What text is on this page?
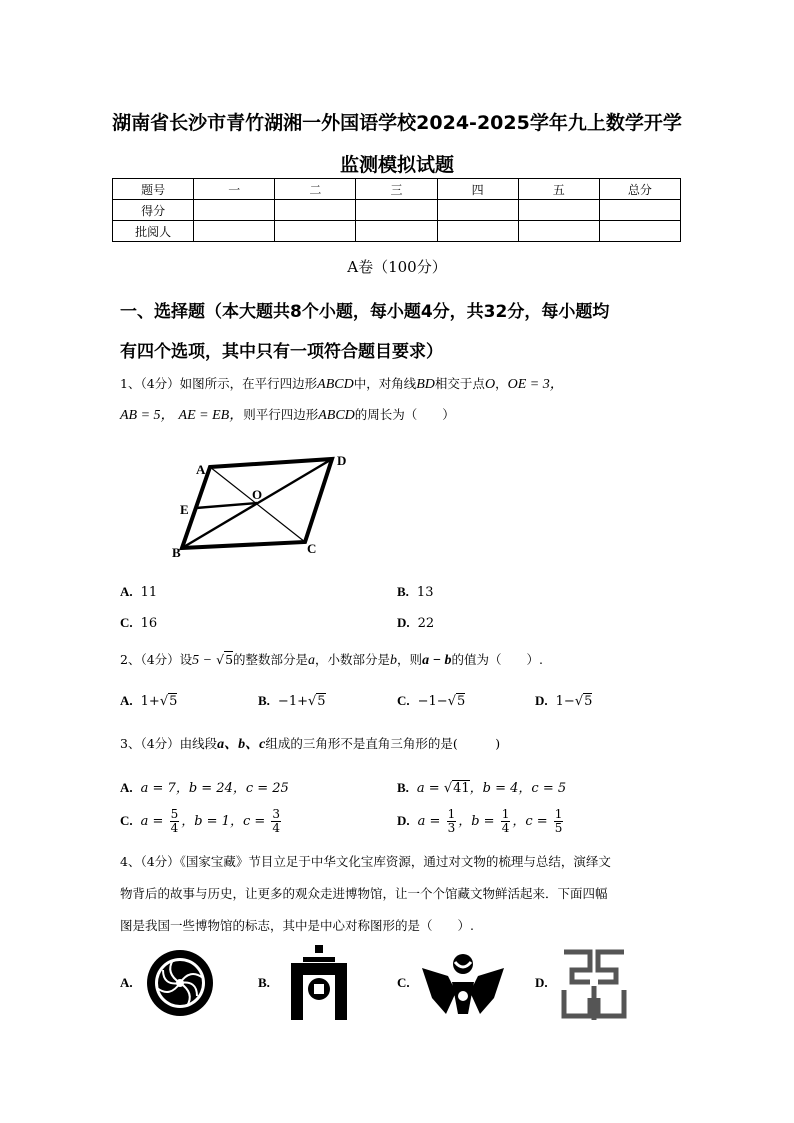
湖南省长沙市青竹湖湘一外国语学校2024-2025学年九上数学开学
监测模拟试题
题号	一	二	三	四	五	总分
得分						
批阅人						
A卷（100分）
一、选择题（本大题共8个小题，每小题4分，共32分，每小题均
有四个选项，其中只有一项符合题目要求）
1、（4分）如图所示，在平行四边形ABCD中，对角线BD相交于点O，OE = 3，
AB = 5， AE = EB，则平行四边形ABCD的周长为（　　）
A
B	C
D
E
O
A. 11	B. 13
C. 16	D. 22
2、（4分）设5 − √5的整数部分是a，小数部分是b，则a − b的值为（　　）.
A. 1+√5	B. −1+√5	C. −1−√5	D. 1−√5
3、（4分）由线段a、b、c组成的三角形不是直角三角形的是(　　　)
A. a = 7，b = 24，c = 25	B. a = √41，b = 4，c = 5
C. $a = \frac{5}{4}$ ，b = 1，$c = \frac{3}{4}$	D. $a = \frac{1}{3}$ ，$b = \frac{1}{4}$ ，$c = \frac{1}{5}$
4、（4分）《国家宝藏》节目立足于中华文化宝库资源，通过对文物的梳理与总结，演绎文
物背后的故事与历史，让更多的观众走进博物馆，让一个个馆藏文物鲜活起来．下面四幅
图是我国一些博物馆的标志，其中是中心对称图形的是（　　）.
A.	B.	C.	D.
